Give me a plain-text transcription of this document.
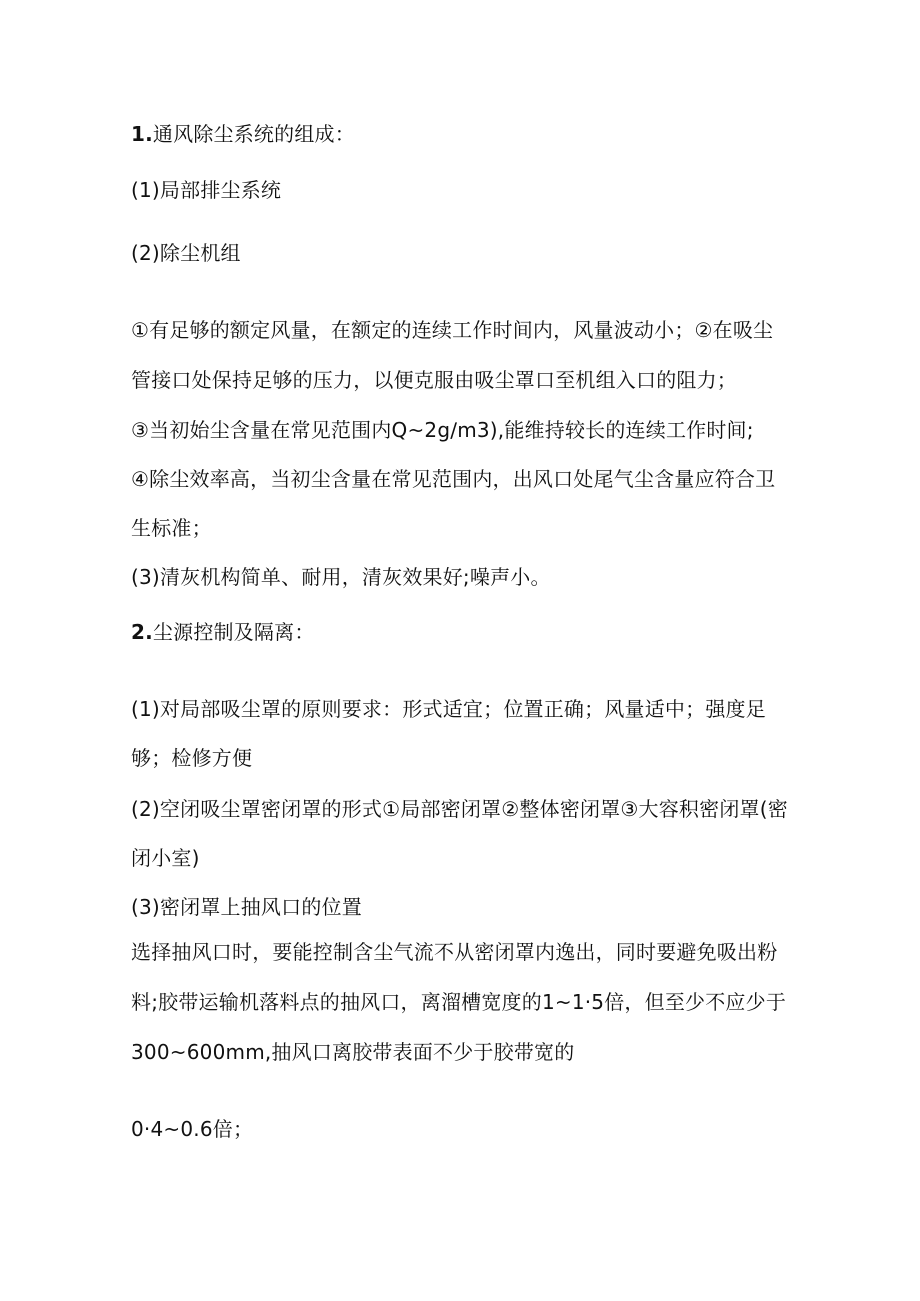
1.通风除尘系统的组成：
(1)局部排尘系统
(2)除尘机组
①有足够的额定风量，在额定的连续工作时间内，风量波动小；②在吸尘
管接口处保持足够的压力，以便克服由吸尘罩口至机组入口的阻力；
③当初始尘含量在常见范围内Q~2g∕m3),能维持较长的连续工作时间;
④除尘效率高，当初尘含量在常见范围内，出风口处尾气尘含量应符合卫
生标准；
(3)清灰机构简单、耐用，清灰效果好;噪声小。
2.尘源控制及隔离：
(1)对局部吸尘罩的原则要求：形式适宜；位置正确；风量适中；强度足
够；检修方便
(2)空闭吸尘罩密闭罩的形式①局部密闭罩②整体密闭罩③大容积密闭罩(密
闭小室)
(3)密闭罩上抽风口的位置
选择抽风口时，要能控制含尘气流不从密闭罩内逸出，同时要避免吸出粉
料;胶带运输机落料点的抽风口，离溜槽宽度的1~1·5倍，但至少不应少于
300~600mm,抽风口离胶带表面不少于胶带宽的
0·4~0.6倍；
